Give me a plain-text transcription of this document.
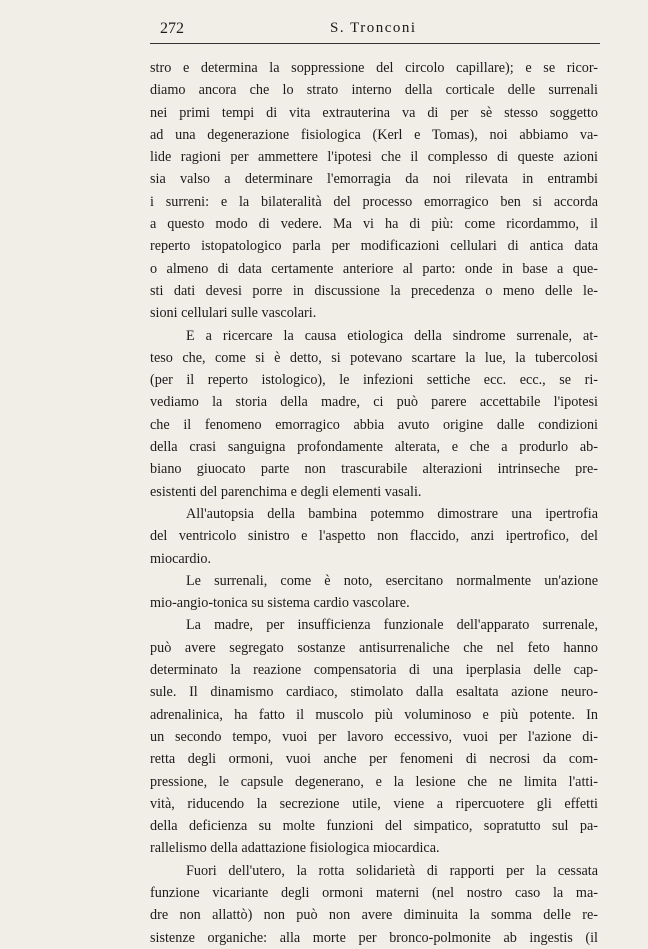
272	S. Tronconi
stro e determina la soppressione del circolo capillare); e se ricor-
diamo ancora che lo strato interno della corticale delle surrenali
nei primi tempi di vita extrauterina va di per sè stesso soggetto
ad una degenerazione fisiologica (Kerl e Tomas), noi abbiamo va-
lide ragioni per ammettere l'ipotesi che il complesso di queste azioni
sia valso a determinare l'emorragia da noi rilevata in entrambi
i surreni: e la bilateralità del processo emorragico ben si accorda
a questo modo di vedere. Ma vi ha di più: come ricordammo, il
reperto istopatologico parla per modificazioni cellulari di antica data
o almeno di data certamente anteriore al parto: onde in base a que-
sti dati devesi porre in discussione la precedenza o meno delle le-
sioni cellulari sulle vascolari.
E a ricercare la causa etiologica della sindrome surrenale, at-
teso che, come si è detto, si potevano scartare la lue, la tubercolosi
(per il reperto istologico), le infezioni settiche ecc. ecc., se ri-
vediamo la storia della madre, ci può parere accettabile l'ipotesi
che il fenomeno emorragico abbia avuto origine dalle condizioni
della crasi sanguigna profondamente alterata, e che a produrlo ab-
biano giuocato parte non trascurabile alterazioni intrinseche pre-
esistenti del parenchima e degli elementi vasali.
All'autopsia della bambina potemmo dimostrare una ipertrofia
del ventricolo sinistro e l'aspetto non flaccido, anzi ipertrofico, del
miocardio.
Le surrenali, come è noto, esercitano normalmente un'azione
mio-angio-tonica su sistema cardio vascolare.
La madre, per insufficienza funzionale dell'apparato surrenale,
può avere segregato sostanze antisurrenaliche che nel feto hanno
determinato la reazione compensatoria di una iperplasia delle cap-
sule. Il dinamismo cardiaco, stimolato dalla esaltata azione neuro-
adrenalinica, ha fatto il muscolo più voluminoso e più potente. In
un secondo tempo, vuoi per lavoro eccessivo, vuoi per l'azione di-
retta degli ormoni, vuoi anche per fenomeni di necrosi da com-
pressione, le capsule degenerano, e la lesione che ne limita l'atti-
vità, riducendo la secrezione utile, viene a ripercuotere gli effetti
della deficienza su molte funzioni del simpatico, sopratutto sul pa-
rallelismo della adattazione fisiologica miocardica.
Fuori dell'utero, la rotta solidarietà di rapporti per la cessata
funzione vicariante degli ormoni materni (nel nostro caso la ma-
dre non allattò) non può non avere diminuita la somma delle re-
sistenze organiche: alla morte per bronco-polmonite ab ingestis (il
